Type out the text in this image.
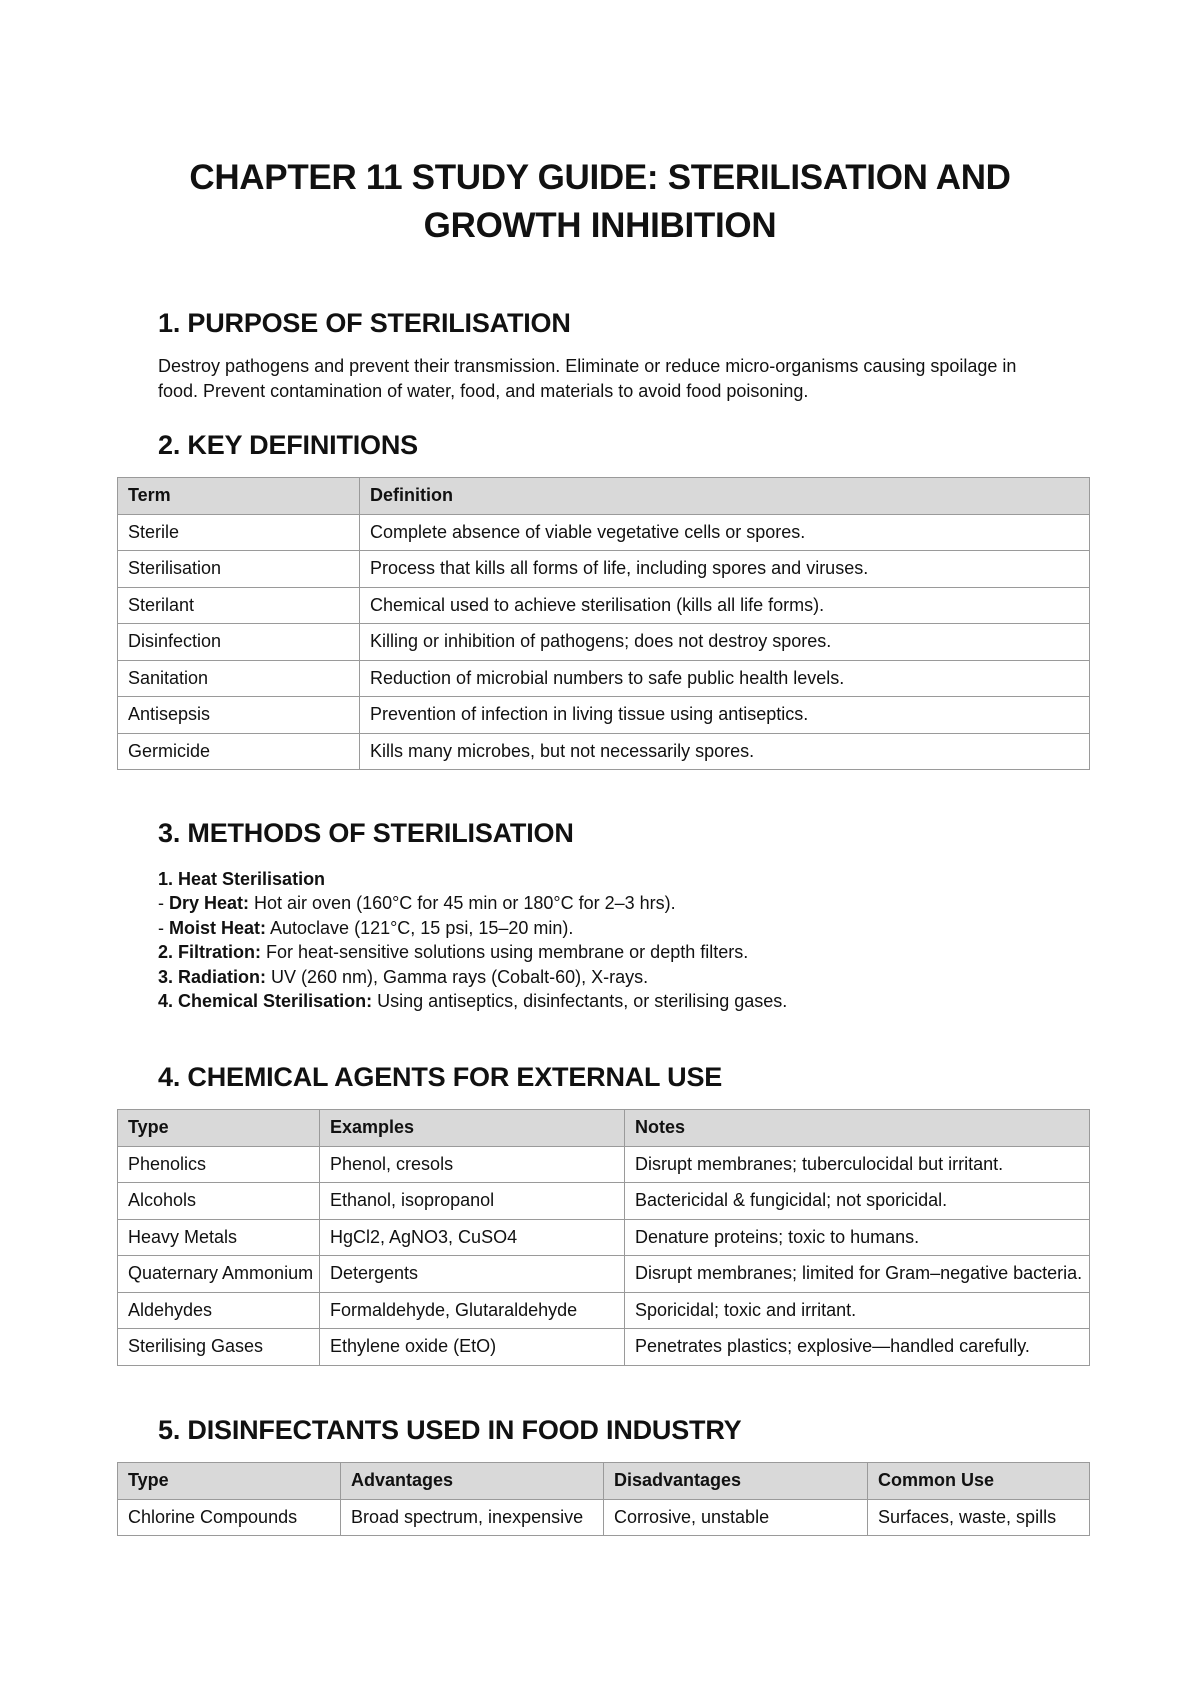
CHAPTER 11 STUDY GUIDE: STERILISATION AND GROWTH INHIBITION
1. PURPOSE OF STERILISATION

Destroy pathogens and prevent their transmission. Eliminate or reduce micro-organisms causing spoilage in food. Prevent contamination of water, food, and materials to avoid food poisoning.

2. KEY DEFINITIONS
Term	Definition
Sterile	Complete absence of viable vegetative cells or spores.
Sterilisation	Process that kills all forms of life, including spores and viruses.
Sterilant	Chemical used to achieve sterilisation (kills all life forms).
Disinfection	Killing or inhibition of pathogens; does not destroy spores.
Sanitation	Reduction of microbial numbers to safe public health levels.
Antisepsis	Prevention of infection in living tissue using antiseptics.
Germicide	Kills many microbes, but not necessarily spores.
3. METHODS OF STERILISATION
1. Heat Sterilisation
- Dry Heat: Hot air oven (160°C for 45 min or 180°C for 2–3 hrs).
- Moist Heat: Autoclave (121°C, 15 psi, 15–20 min).
2. Filtration: For heat-sensitive solutions using membrane or depth filters.
3. Radiation: UV (260 nm), Gamma rays (Cobalt-60), X-rays.
4. Chemical Sterilisation: Using antiseptics, disinfectants, or sterilising gases.
4. CHEMICAL AGENTS FOR EXTERNAL USE
Type	Examples	Notes
Phenolics	Phenol, cresols	Disrupt membranes; tuberculocidal but irritant.
Alcohols	Ethanol, isopropanol	Bactericidal & fungicidal; not sporicidal.
Heavy Metals	HgCl2, AgNO3, CuSO4	Denature proteins; toxic to humans.
Quaternary Ammonium	Detergents	Disrupt membranes; limited for Gram–negative bacteria.
Aldehydes	Formaldehyde, Glutaraldehyde	Sporicidal; toxic and irritant.
Sterilising Gases	Ethylene oxide (EtO)	Penetrates plastics; explosive—handled carefully.
5. DISINFECTANTS USED IN FOOD INDUSTRY
Type	Advantages	Disadvantages	Common Use
Chlorine Compounds	Broad spectrum, inexpensive	Corrosive, unstable	Surfaces, waste, spills
